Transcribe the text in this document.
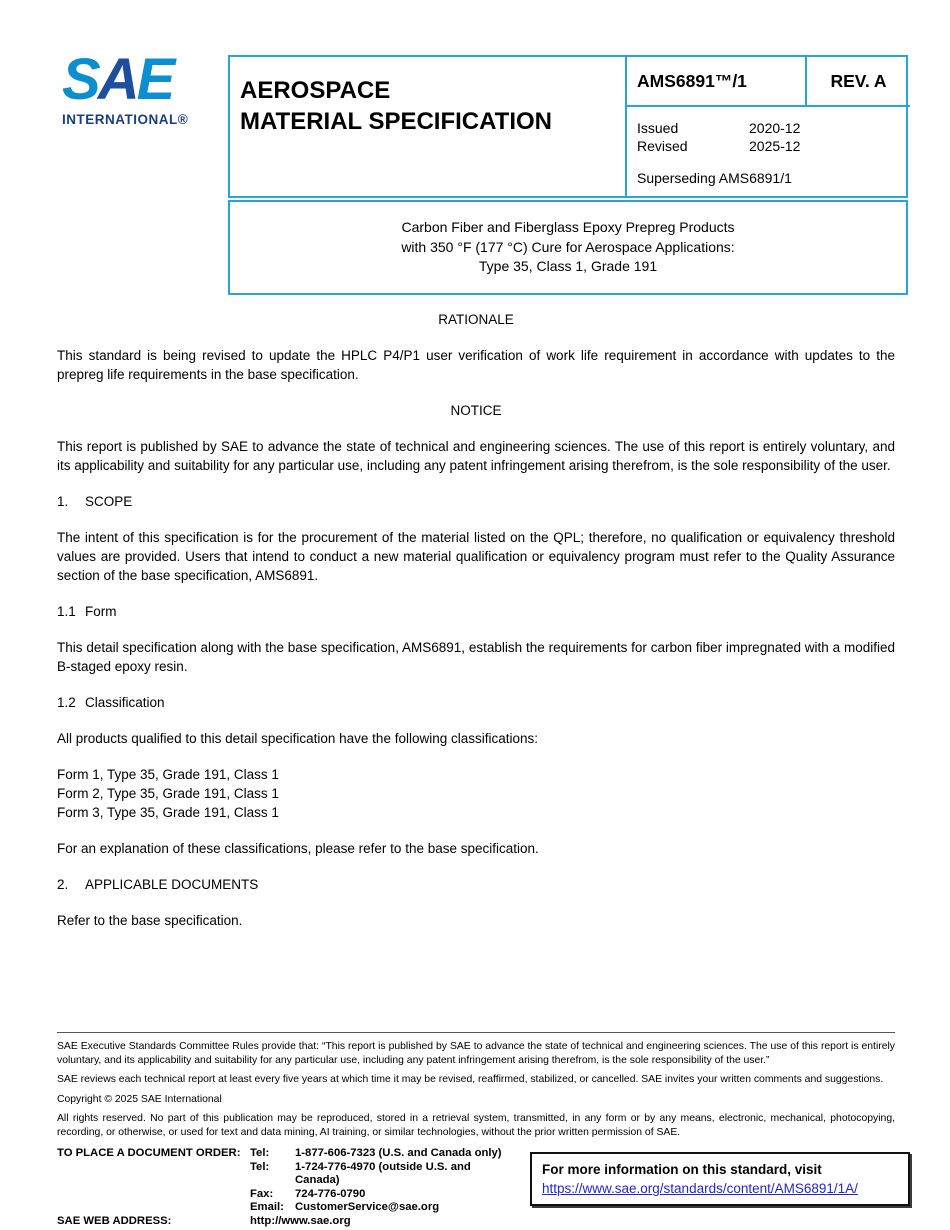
SAE
INTERNATIONAL®
AEROSPACE
MATERIAL SPECIFICATION
AMS6891™/1	REV. A
Issued	2020-12
Revised	2025-12
Superseding AMS6891/1
Carbon Fiber and Fiberglass Epoxy Prepreg Products
with 350 °F (177 °C) Cure for Aerospace Applications:
Type 35, Class 1, Grade 191
RATIONALE

This standard is being revised to update the HPLC P4/P1 user verification of work life requirement in accordance with updates to the prepreg life requirements in the base specification.

NOTICE

This report is published by SAE to advance the state of technical and engineering sciences. The use of this report is entirely voluntary, and its applicability and suitability for any particular use, including any patent infringement arising therefrom, is the sole responsibility of the user.

1. SCOPE

The intent of this specification is for the procurement of the material listed on the QPL; therefore, no qualification or equivalency threshold values are provided. Users that intend to conduct a new material qualification or equivalency program must refer to the Quality Assurance section of the base specification, AMS6891.

1.1 Form

This detail specification along with the base specification, AMS6891, establish the requirements for carbon fiber impregnated with a modified B-staged epoxy resin.

1.2 Classification

All products qualified to this detail specification have the following classifications:

Form 1, Type 35, Grade 191, Class 1
Form 2, Type 35, Grade 191, Class 1
Form 3, Type 35, Grade 191, Class 1

For an explanation of these classifications, please refer to the base specification.

2. APPLICABLE DOCUMENTS

Refer to the base specification.

SAE Executive Standards Committee Rules provide that: “This report is published by SAE to advance the state of technical and engineering sciences. The use of this report is entirely voluntary, and its applicability and suitability for any particular use, including any patent infringement arising therefrom, is the sole responsibility of the user.”

SAE reviews each technical report at least every five years at which time it may be revised, reaffirmed, stabilized, or cancelled. SAE invites your written comments and suggestions.

Copyright © 2025 SAE International

All rights reserved. No part of this publication may be reproduced, stored in a retrieval system, transmitted, in any form or by any means, electronic, mechanical, photocopying, recording, or otherwise, or used for text and data mining, AI training, or similar technologies, without the prior written permission of SAE.

TO PLACE A DOCUMENT ORDER: Tel:	1-877-606-7323 (U.S. and Canada only)
Tel:	1-724-776-4970 (outside U.S. and Canada)
Fax:	724-776-0790
Email: CustomerService@sae.org
SAE WEB ADDRESS:	http://www.sae.org
For more information on this standard, visit
https://www.sae.org/standards/content/AMS6891/1A/
